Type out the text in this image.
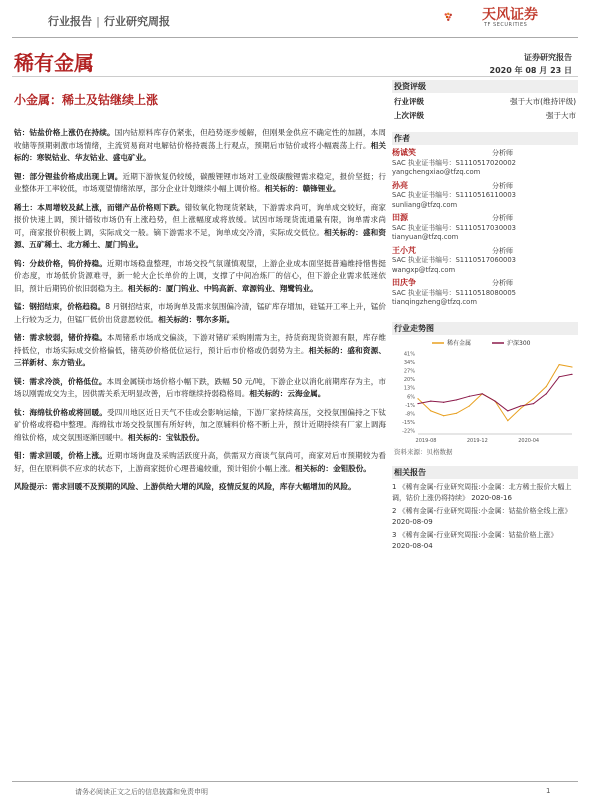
行业报告 | 行业研究周报	天风证券
TF SECURITIES
稀有金属	证券研究报告
2020 年 08 月 23 日
小金属：稀土及钴继续上涨

钴：钴盐价格上涨仍在持续。国内钴原料库存仍紧张，但趋势逐步缓解，但刚果金供应不确定性的加剧，本周收储等预期刺激市场情绪，主流贸易商对电解钴价格持震荡上行观点，预期后市钴价或将小幅震荡上行。相关标的：寒锐钴业、华友钴业、盛屯矿业。

锂：部分锂盐价格成出现上调。近期下游恢复仍较缓，碳酸锂锂市场对工业级碳酸锂需求稳定，报价坚挺；行业整体开工率较低，市场观望情绪浓厚，部分企业计划继续小幅上调价格。相关标的：赣锋锂业。

稀土：本周增较及弑上涨，而镨产品价格则下跌。镨钕氧化物现货紧缺，下游需求尚可，询单成交较好，商家报价快速上调，预计镨钕市场仍有上涨趋势，但上涨幅度或将放缓。试因市场现货流通量有限，询单需求尚可，商家报价积极上调，实际成交一般。镝下游需求不足，询单成交冷清，实际成交低位。相关标的：盛和资源、五矿稀土、北方稀土、厦门钨业。

钨：分歧价格，钨价持稳。近期市场稳盘整理，市场交投气氛谨慎观望，上游企业成本面坚挺普遍维持惜售挺价态度，市场低价货源难寻，新一轮大企长单价的上调，支撑了中间冶炼厂的信心，但下游企业需求低迷依旧，预计后期钨价依旧弱稳为主。相关标的：厦门钨业、中钨高新、章源钨业、翔鹭钨业。

锰：钢招结束，价格趋稳。8 月钢招结束，市场询单及需求氛围偏冷清，锰矿库存增加，硅锰开工率上升，锰价上行较为乏力，但锰厂低价出货意愿较低。相关标的：鄂尔多斯。

锗：需求较弱，锗价持稳。本周锗系市场成交偏淡，下游对锗矿采购刚需为主，持货商现货资源有限，库存维持低位，市场实际成交价格偏低，锗英砂价格低位运行，预计后市价格或仍弱势为主。相关标的：盛和资源、三祥新材、东方锆业。

镁：需求冷淡，价格低位。本周金属镁市场价格小幅下跌，跌幅 50 元/吨，下游企业以消化前期库存为主，市场以刚需成交为主，因供需关系无明显改善，后市将继续持弱稳格局。相关标的：云海金属。

钛：海绵钛价格或将回暖。受四川地区近日天气不佳或会影响运输，下游厂家持续高压，交投氛围偏持之下钛矿价格或将稳中整理。海绵钛市场交投氛围有所好转，加之原辅料价格不断上升，预计近期持续有厂家上调海绵钛价格，成交氛围逐渐回暖中。相关标的：宝钛股份。

钼：需求回暖，价格上涨。近期市场询盘及采购活跃度升高，供需双方商谈气氛尚可，商家对后市预期较为看好，但在原料供不应求的状态下，上游商家挺价心理普遍较重，预计钼价小幅上涨。相关标的：金钼股份。

风险提示：需求回暖不及预期的风险、上游供给大增的风险，疫情反复的风险，库存大幅增加的风险。

投资评级
行业评级	强于大市(维持评级)
上次评级	强于大市
作者
杨诚笑	分析师
SAC 执业证书编号：S1110517020002
yangchengxiao@tfzq.com
孙亮	分析师
SAC 执业证书编号：S1110516110003
sunliang@tfzq.com
田源	分析师
SAC 执业证书编号：S1110517030003
tianyuan@tfzq.com
王小芃	分析师
SAC 执业证书编号：S1110517060003
wangxp@tfzq.com
田庆争	分析师
SAC 执业证书编号：S1110518080005
tianqingzheng@tfzq.com
行业走势图
稀有金属	沪深300
41%
34%
27%
20%
13%
6%
-1%
-8%
-15%
-22%
2019-08	2019-12	2020-04
资料来源：贝格数据
相关报告
1 《稀有金属-行业研究周报:小金属：北方稀土报价大幅上调，钴价上涨仍将持续》 2020-08-16
2 《稀有金属-行业研究周报:小金属：钴盐价格全线上涨》 2020-08-09
3 《稀有金属-行业研究周报:小金属：钴盐价格上涨》 2020-08-04
请务必阅读正文之后的信息披露和免责申明	1
